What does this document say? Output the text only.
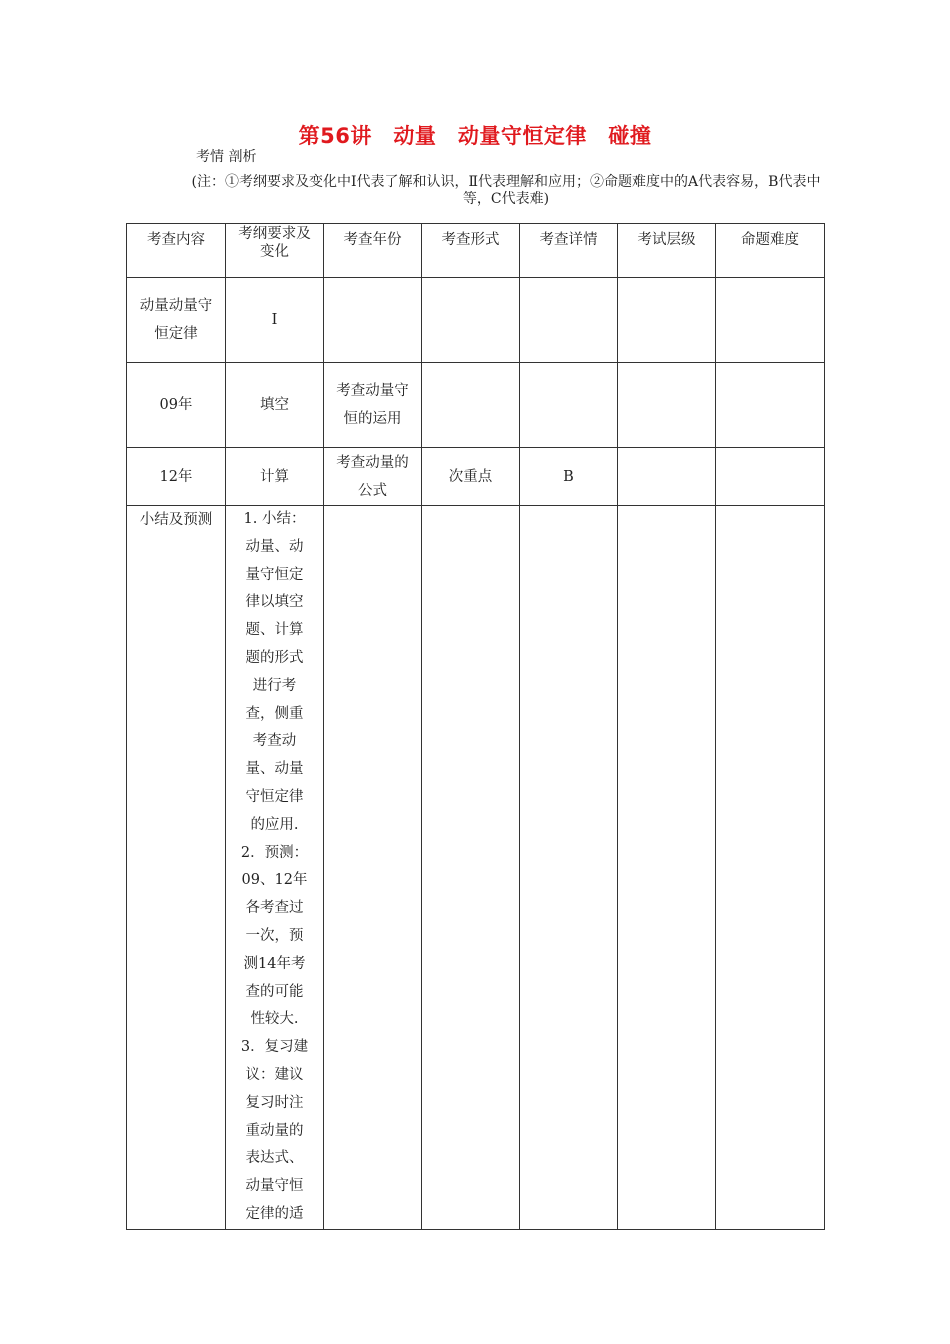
第56讲　动量　动量守恒定律　碰撞
考情 剖析
(注：①考纲要求及变化中Ⅰ代表了解和认识，Ⅱ代表理解和应用；②命题难度中的A代表容易，B代表中等，C代表难)
考查内容	考纲要求及变化	考查年份	考查形式	考查详情	考试层级	命题难度
动量动量守恒定律	Ⅰ					
09年	填空	考查动量守恒的运用				
12年	计算	考查动量的公式	次重点	B		
小结及预测	1. 小结：动量、动量守恒定律以填空题、计算题的形式进行考查，侧重考查动量、动量守恒定律的应用.2．预测：09、12年各考查过一次，预测14年考查的可能性较大.3．复习建议：建议复习时注重动量的表达式、动量守恒定律的适					
